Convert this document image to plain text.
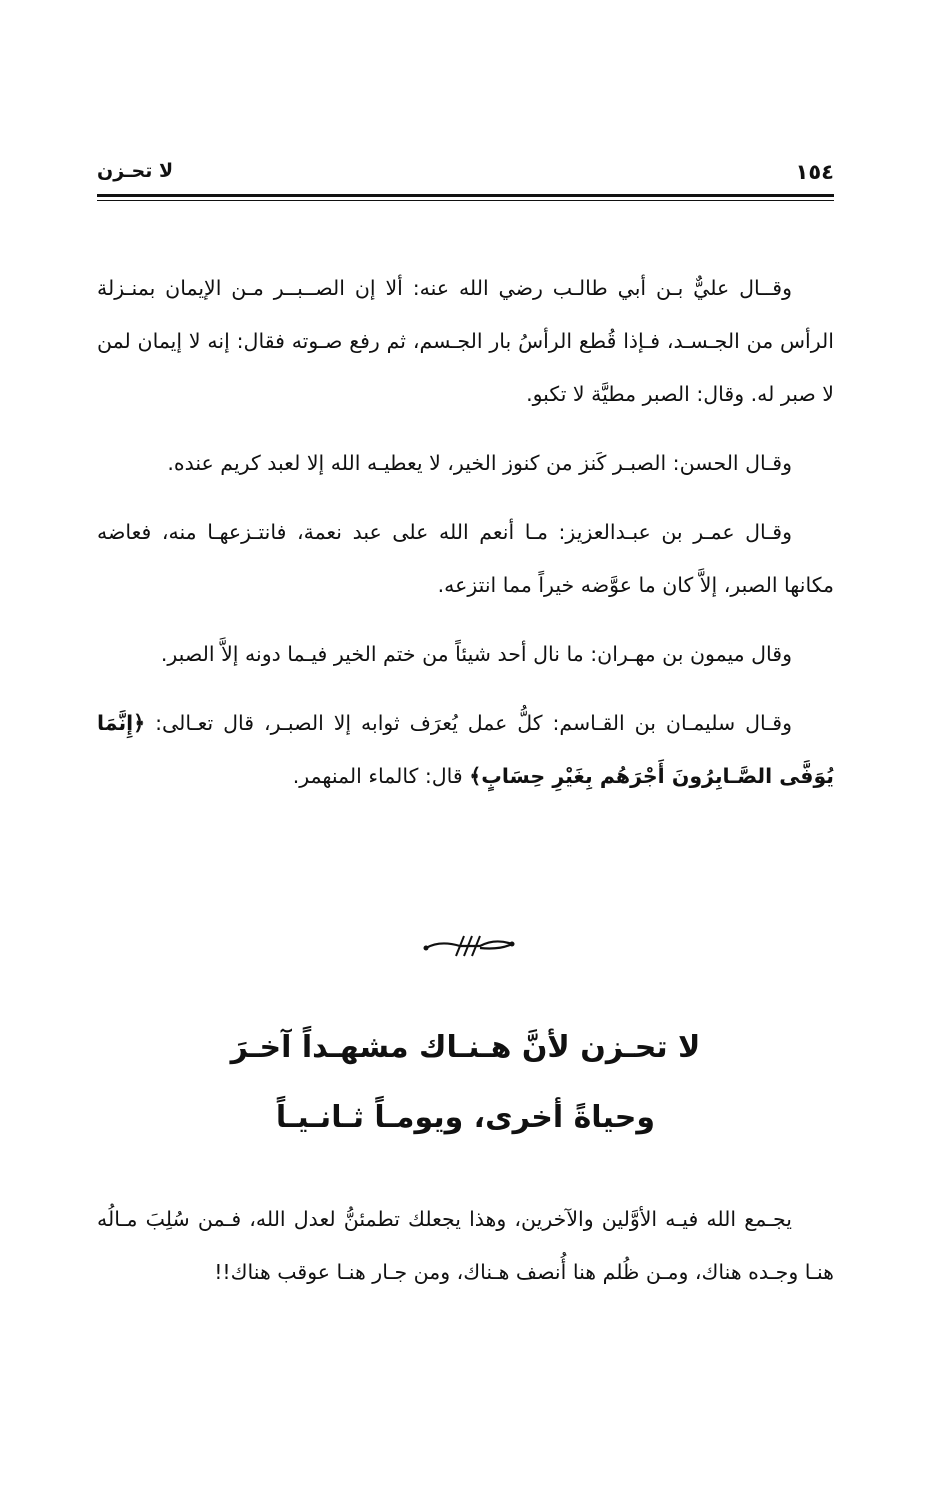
١٥٤
لا تحـزن

وقــال عليٌّ بـن أبي طالـب رضي الله عنه: ألا إن الصــبــر مـن الإيمان بمنـزلة الرأس من الجـسـد، فـإذا قُطع الرأسُ بار الجـسم، ثم رفع صـوته فقال: إنه لا إيمان لمن لا صبر له. وقال: الصبر مطيَّة لا تكبو.

وقـال الحسن: الصبـر كَنز من كنوز الخير، لا يعطيـه الله إلا لعبد كريم عنده.

وقـال عمـر بن عبـدالعزيز: مـا أنعم الله على عبد نعمة، فانتـزعهـا منه، فعاضه مكانها الصبر، إلاَّ كان ما عوَّضه خيراً مما انتزعه.

وقال ميمون بن مهـران: ما نال أحد شيئاً من ختم الخير فيـما دونه إلاَّ الصبر.

وقـال سليمـان بن القـاسم: كلُّ عمل يُعرَف ثوابه إلا الصبـر، قال تعـالى: ﴿إِنَّمَا يُوَفَّى الصَّـابِرُونَ أَجْرَهُم بِغَيْرِ حِسَابٍ﴾ قال: كالماء المنهمر.

لا تحـزن لأنَّ هـنـاك مشهـداً آخـرَ
وحياةً أخرى، ويومـاً ثـانـيـاً

يجـمع الله فيـه الأوَّلين والآخرين، وهذا يجعلك تطمئنُّ لعدل الله، فـمن سُلِبَ مـالُه هنـا وجـده هناك، ومـن ظُلم هنا أُنصف هـناك، ومن جـار هنـا عوقب هناك!!
